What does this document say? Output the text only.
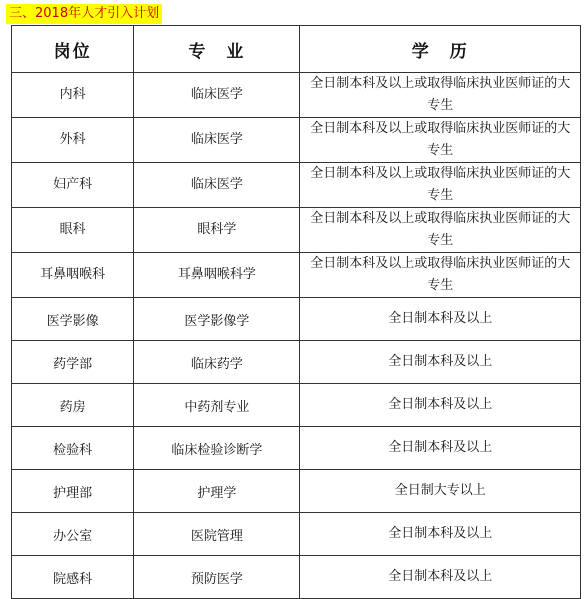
三、2018年人才引入计划
岗位	专　业	学　历
内科	临床医学	全日制本科及以上或取得临床执业医师证的大专生
外科	临床医学	全日制本科及以上或取得临床执业医师证的大专生
妇产科	临床医学	全日制本科及以上或取得临床执业医师证的大专生
眼科	眼科学	全日制本科及以上或取得临床执业医师证的大专生
耳鼻咽喉科	耳鼻咽喉科学	全日制本科及以上或取得临床执业医师证的大专生
医学影像	医学影像学	全日制本科及以上
药学部	临床药学	全日制本科及以上
药房	中药剂专业	全日制本科及以上
检验科	临床检验诊断学	全日制本科及以上
护理部	护理学	全日制大专以上
办公室	医院管理	全日制本科及以上
院感科	预防医学	全日制本科及以上
